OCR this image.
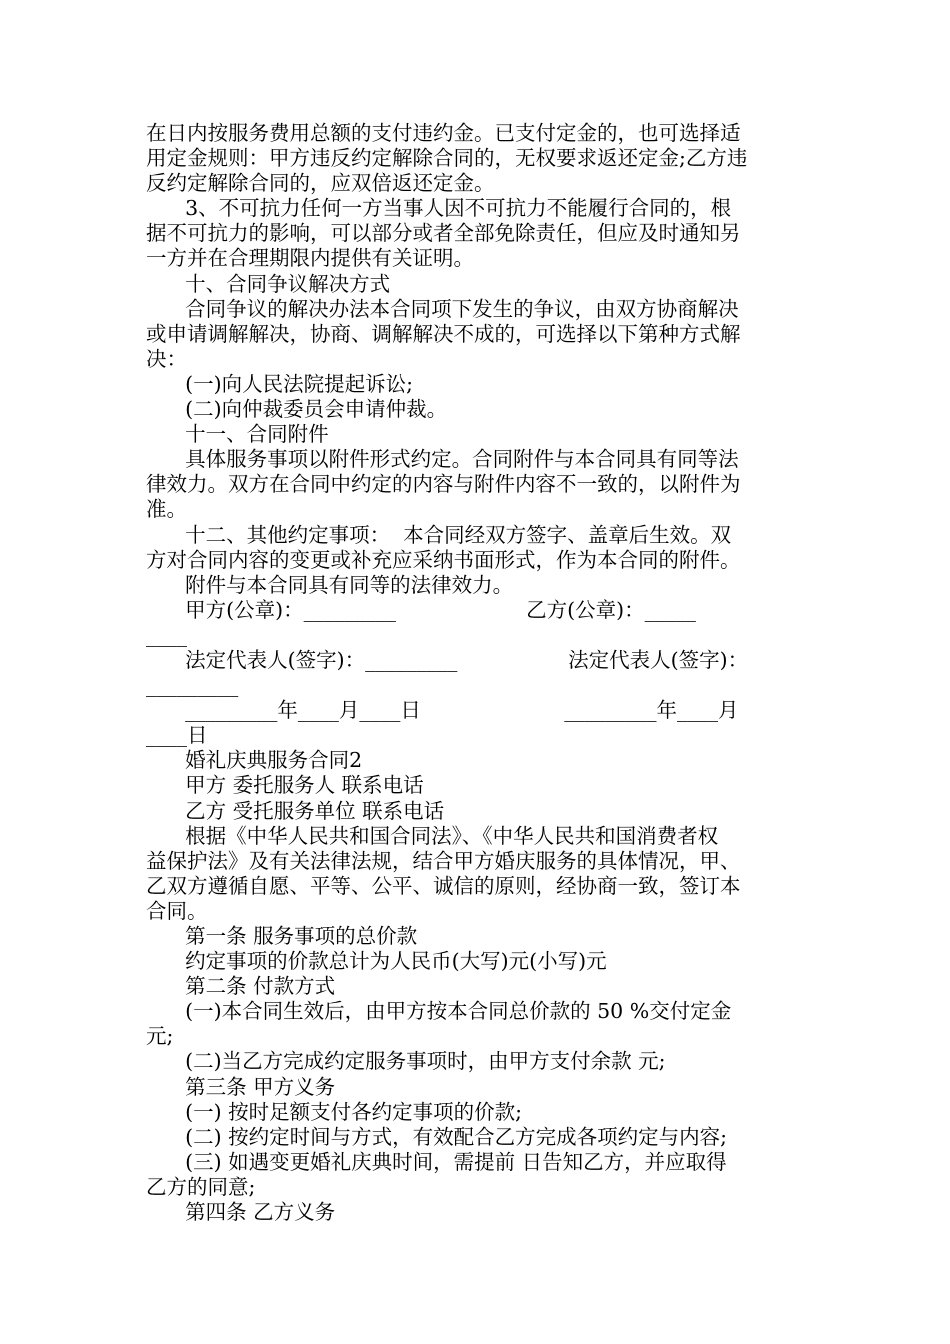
在日内按服务费用总额的支付违约金。已支付定金的，也可选择适
用定金规则：甲方违反约定解除合同的，无权要求返还定金;乙方违
反约定解除合同的，应双倍返还定金。
3、不可抗力任何一方当事人因不可抗力不能履行合同的，根
据不可抗力的影响，可以部分或者全部免除责任，但应及时通知另
一方并在合理期限内提供有关证明。
十、合同争议解决方式
合同争议的解决办法本合同项下发生的争议，由双方协商解决
或申请调解解决，协商、调解解决不成的，可选择以下第种方式解
决：
(一)向人民法院提起诉讼;
(二)向仲裁委员会申请仲裁。
十一、合同附件
具体服务事项以附件形式约定。合同附件与本合同具有同等法
律效力。双方在合同中约定的内容与附件内容不一致的，以附件为
准。
十二、其他约定事项：  本合同经双方签字、盖章后生效。双
方对合同内容的变更或补充应采纳书面形式，作为本合同的附件。
附件与本合同具有同等的法律效力。
甲方(公章)：_________                    乙方(公章)：_____
____
法定代表人(签字)：_________                 法定代表人(签字)：
_________
_________年____月____日                      _________年____月
____日
婚礼庆典服务合同2
甲方 委托服务人 联系电话
乙方 受托服务单位 联系电话
根据《中华人民共和国合同法》、《中华人民共和国消费者权
益保护法》及有关法律法规，结合甲方婚庆服务的具体情况，甲、
乙双方遵循自愿、平等、公平、诚信的原则，经协商一致，签订本
合同。
第一条 服务事项的总价款
约定事项的价款总计为人民币(大写)元(小写)元
第二条 付款方式
(一)本合同生效后，由甲方按本合同总价款的 50 %交付定金
元;
(二)当乙方完成约定服务事项时，由甲方支付余款 元;
第三条 甲方义务
(一) 按时足额支付各约定事项的价款;
(二) 按约定时间与方式，有效配合乙方完成各项约定与内容;
(三) 如遇变更婚礼庆典时间，需提前 日告知乙方，并应取得
乙方的同意;
第四条 乙方义务
